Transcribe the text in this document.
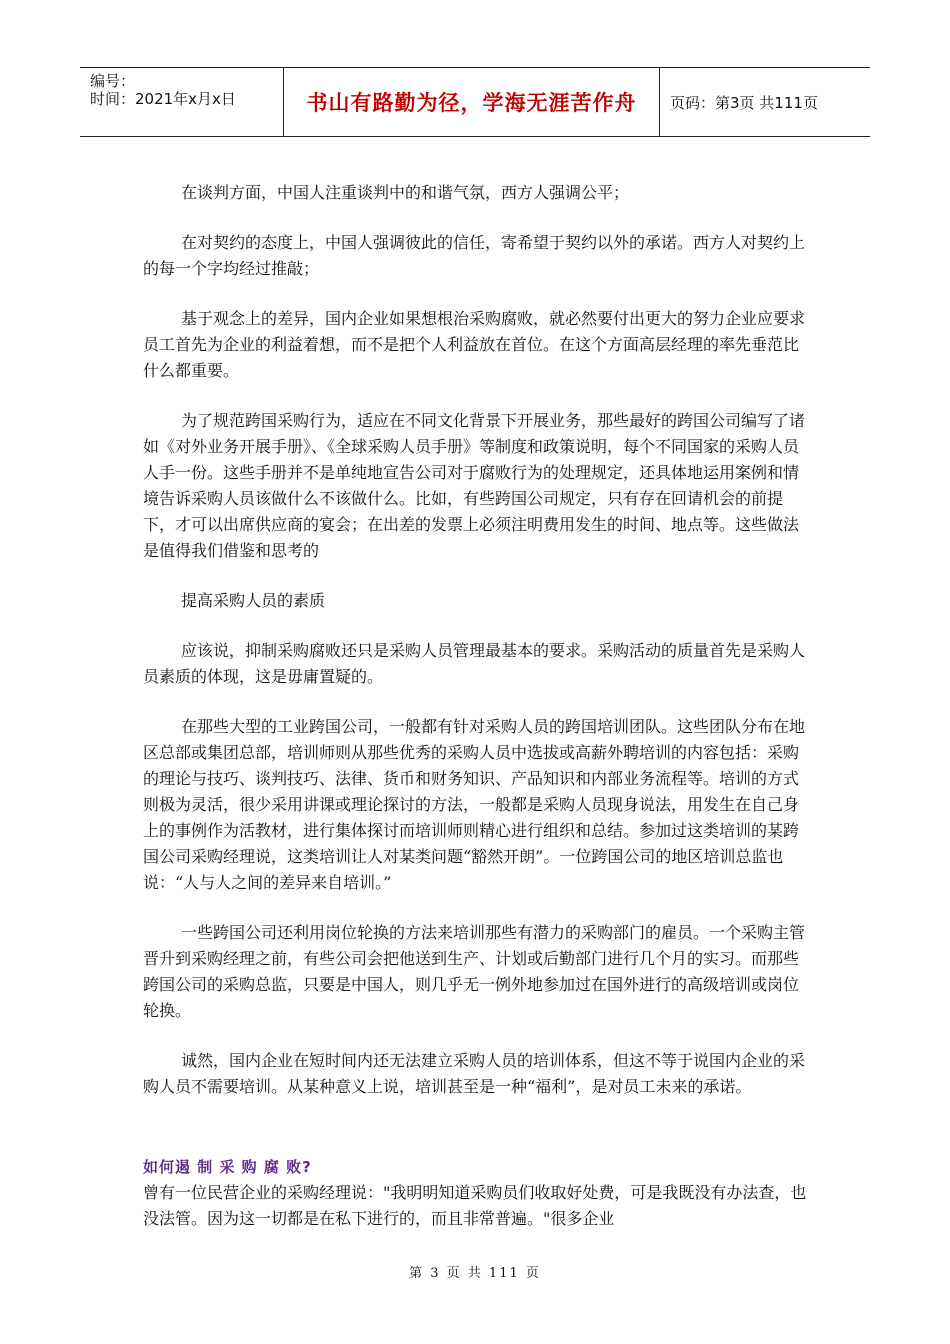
编号：
时间：2021年x月x日	书山有路勤为径，学海无涯苦作舟	页码：第3页 共111页

在谈判方面，中国人注重谈判中的和谐气氛，西方人强调公平；

在对契约的态度上，中国人强调彼此的信任，寄希望于契约以外的承诺。西方人对契约上的每一个字均经过推敲；

基于观念上的差异，国内企业如果想根治采购腐败，就必然要付出更大的努力企业应要求员工首先为企业的利益着想，而不是把个人利益放在首位。在这个方面高层经理的率先垂范比什么都重要。

为了规范跨国采购行为，适应在不同文化背景下开展业务，那些最好的跨国公司编写了诸如《对外业务开展手册》、《全球采购人员手册》等制度和政策说明，每个不同国家的采购人员人手一份。这些手册并不是单纯地宣告公司对于腐败行为的处理规定，还具体地运用案例和情境告诉采购人员该做什么不该做什么。比如，有些跨国公司规定，只有存在回请机会的前提下，才可以出席供应商的宴会；在出差的发票上必须注明费用发生的时间、地点等。这些做法是值得我们借鉴和思考的

提高采购人员的素质

应该说，抑制采购腐败还只是采购人员管理最基本的要求。采购活动的质量首先是采购人员素质的体现，这是毋庸置疑的。

在那些大型的工业跨国公司，一般都有针对采购人员的跨国培训团队。这些团队分布在地区总部或集团总部，培训师则从那些优秀的采购人员中选拔或高薪外聘培训的内容包括：采购的理论与技巧、谈判技巧、法律、货币和财务知识、产品知识和内部业务流程等。培训的方式则极为灵活，很少采用讲课或理论探讨的方法，一般都是采购人员现身说法，用发生在自己身上的事例作为活教材，进行集体探讨而培训师则精心进行组织和总结。参加过这类培训的某跨国公司采购经理说，这类培训让人对某类问题“豁然开朗”。一位跨国公司的地区培训总监也说：“人与人之间的差异来自培训。”

一些跨国公司还利用岗位轮换的方法来培训那些有潜力的采购部门的雇员。一个采购主管晋升到采购经理之前，有些公司会把他送到生产、计划或后勤部门进行几个月的实习。而那些跨国公司的采购总监，只要是中国人，则几乎无一例外地参加过在国外进行的高级培训或岗位轮换。

诚然，国内企业在短时间内还无法建立采购人员的培训体系，但这不等于说国内企业的采购人员不需要培训。从某种意义上说，培训甚至是一种“福利”，是对员工未来的承诺。

如何遏 制 采 购 腐 败?
曾有一位民营企业的采购经理说："我明明知道采购员们收取好处费，可是我既没有办法查，也没法管。因为这一切都是在私下进行的，而且非常普遍。"很多企业
第 3 页 共 111 页
